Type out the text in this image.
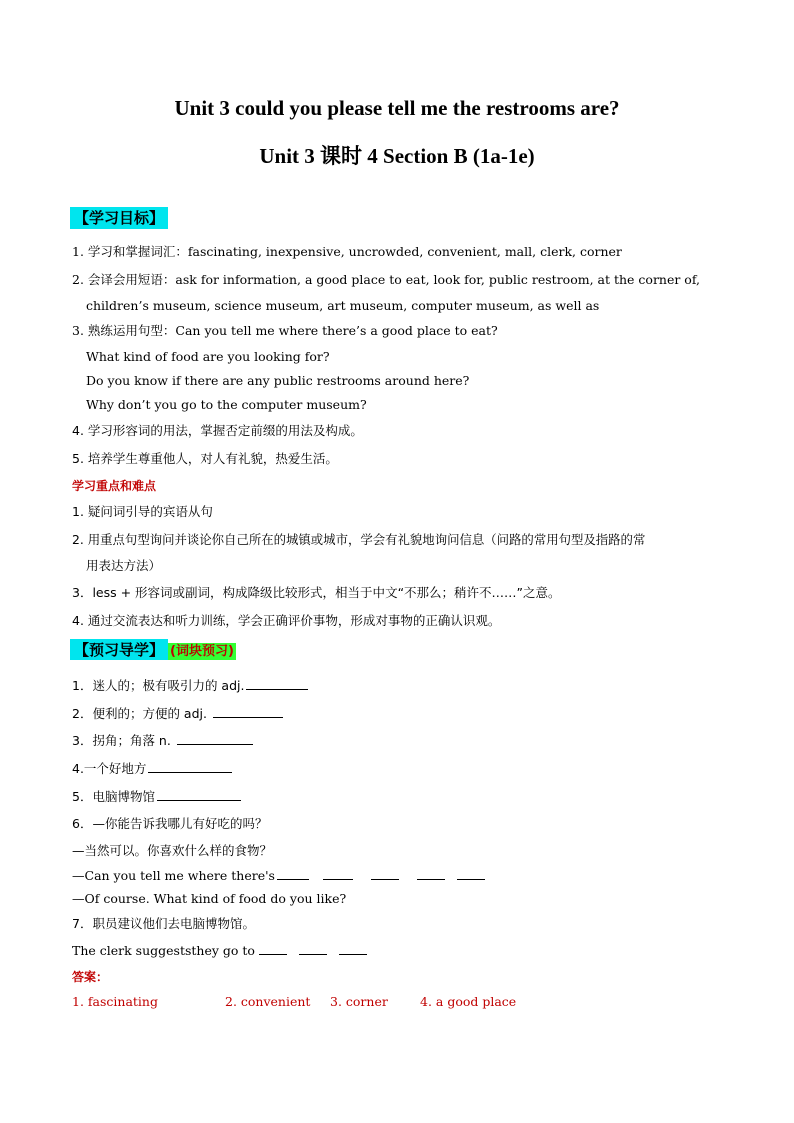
Unit 3 could you please tell me the restrooms are?
Unit 3 课时 4 Section B (1a-1e)
【学习目标】
1. 学习和掌握词汇：fascinating, inexpensive, uncrowded, convenient, mall, clerk, corner
2. 会译会用短语：ask for information, a good place to eat, look for, public restroom, at the corner of,
children’s museum, science museum, art museum, computer museum, as well as
3. 熟练运用句型：Can you tell me where there’s a good place to eat?
What kind of food are you looking for?
Do you know if there are any public restrooms around here?
Why don’t you go to the computer museum?
4. 学习形容词的用法，掌握否定前缀的用法及构成。
5. 培养学生尊重他人，对人有礼貌，热爱生活。
学习重点和难点
1. 疑问词引导的宾语从句
2. 用重点句型询问并谈论你自己所在的城镇或城市，学会有礼貌地询问信息（问路的常用句型及指路的常
用表达方法）
3．less + 形容词或副词，构成降级比较形式，相当于中文“不那么；稍许不……”之意。
4. 通过交流表达和听力训练，学会正确评价事物，形成对事物的正确认识观。
【预习导学】 (词块预习)
1．迷人的；极有吸引力的 adj.
2．便利的；方便的 adj.
3．拐角；角落 n.
4.一个好地方
5．电脑博物馆
6．—你能告诉我哪儿有好吃的吗？
—当然可以。你喜欢什么样的食物？
—Can you tell me where there's
—Of course. What kind of food do you like?
7．职员建议他们去电脑博物馆。
The clerk suggeststhey go to
答案：
1. fascinating	2. convenient 3. corner	4. a good place
